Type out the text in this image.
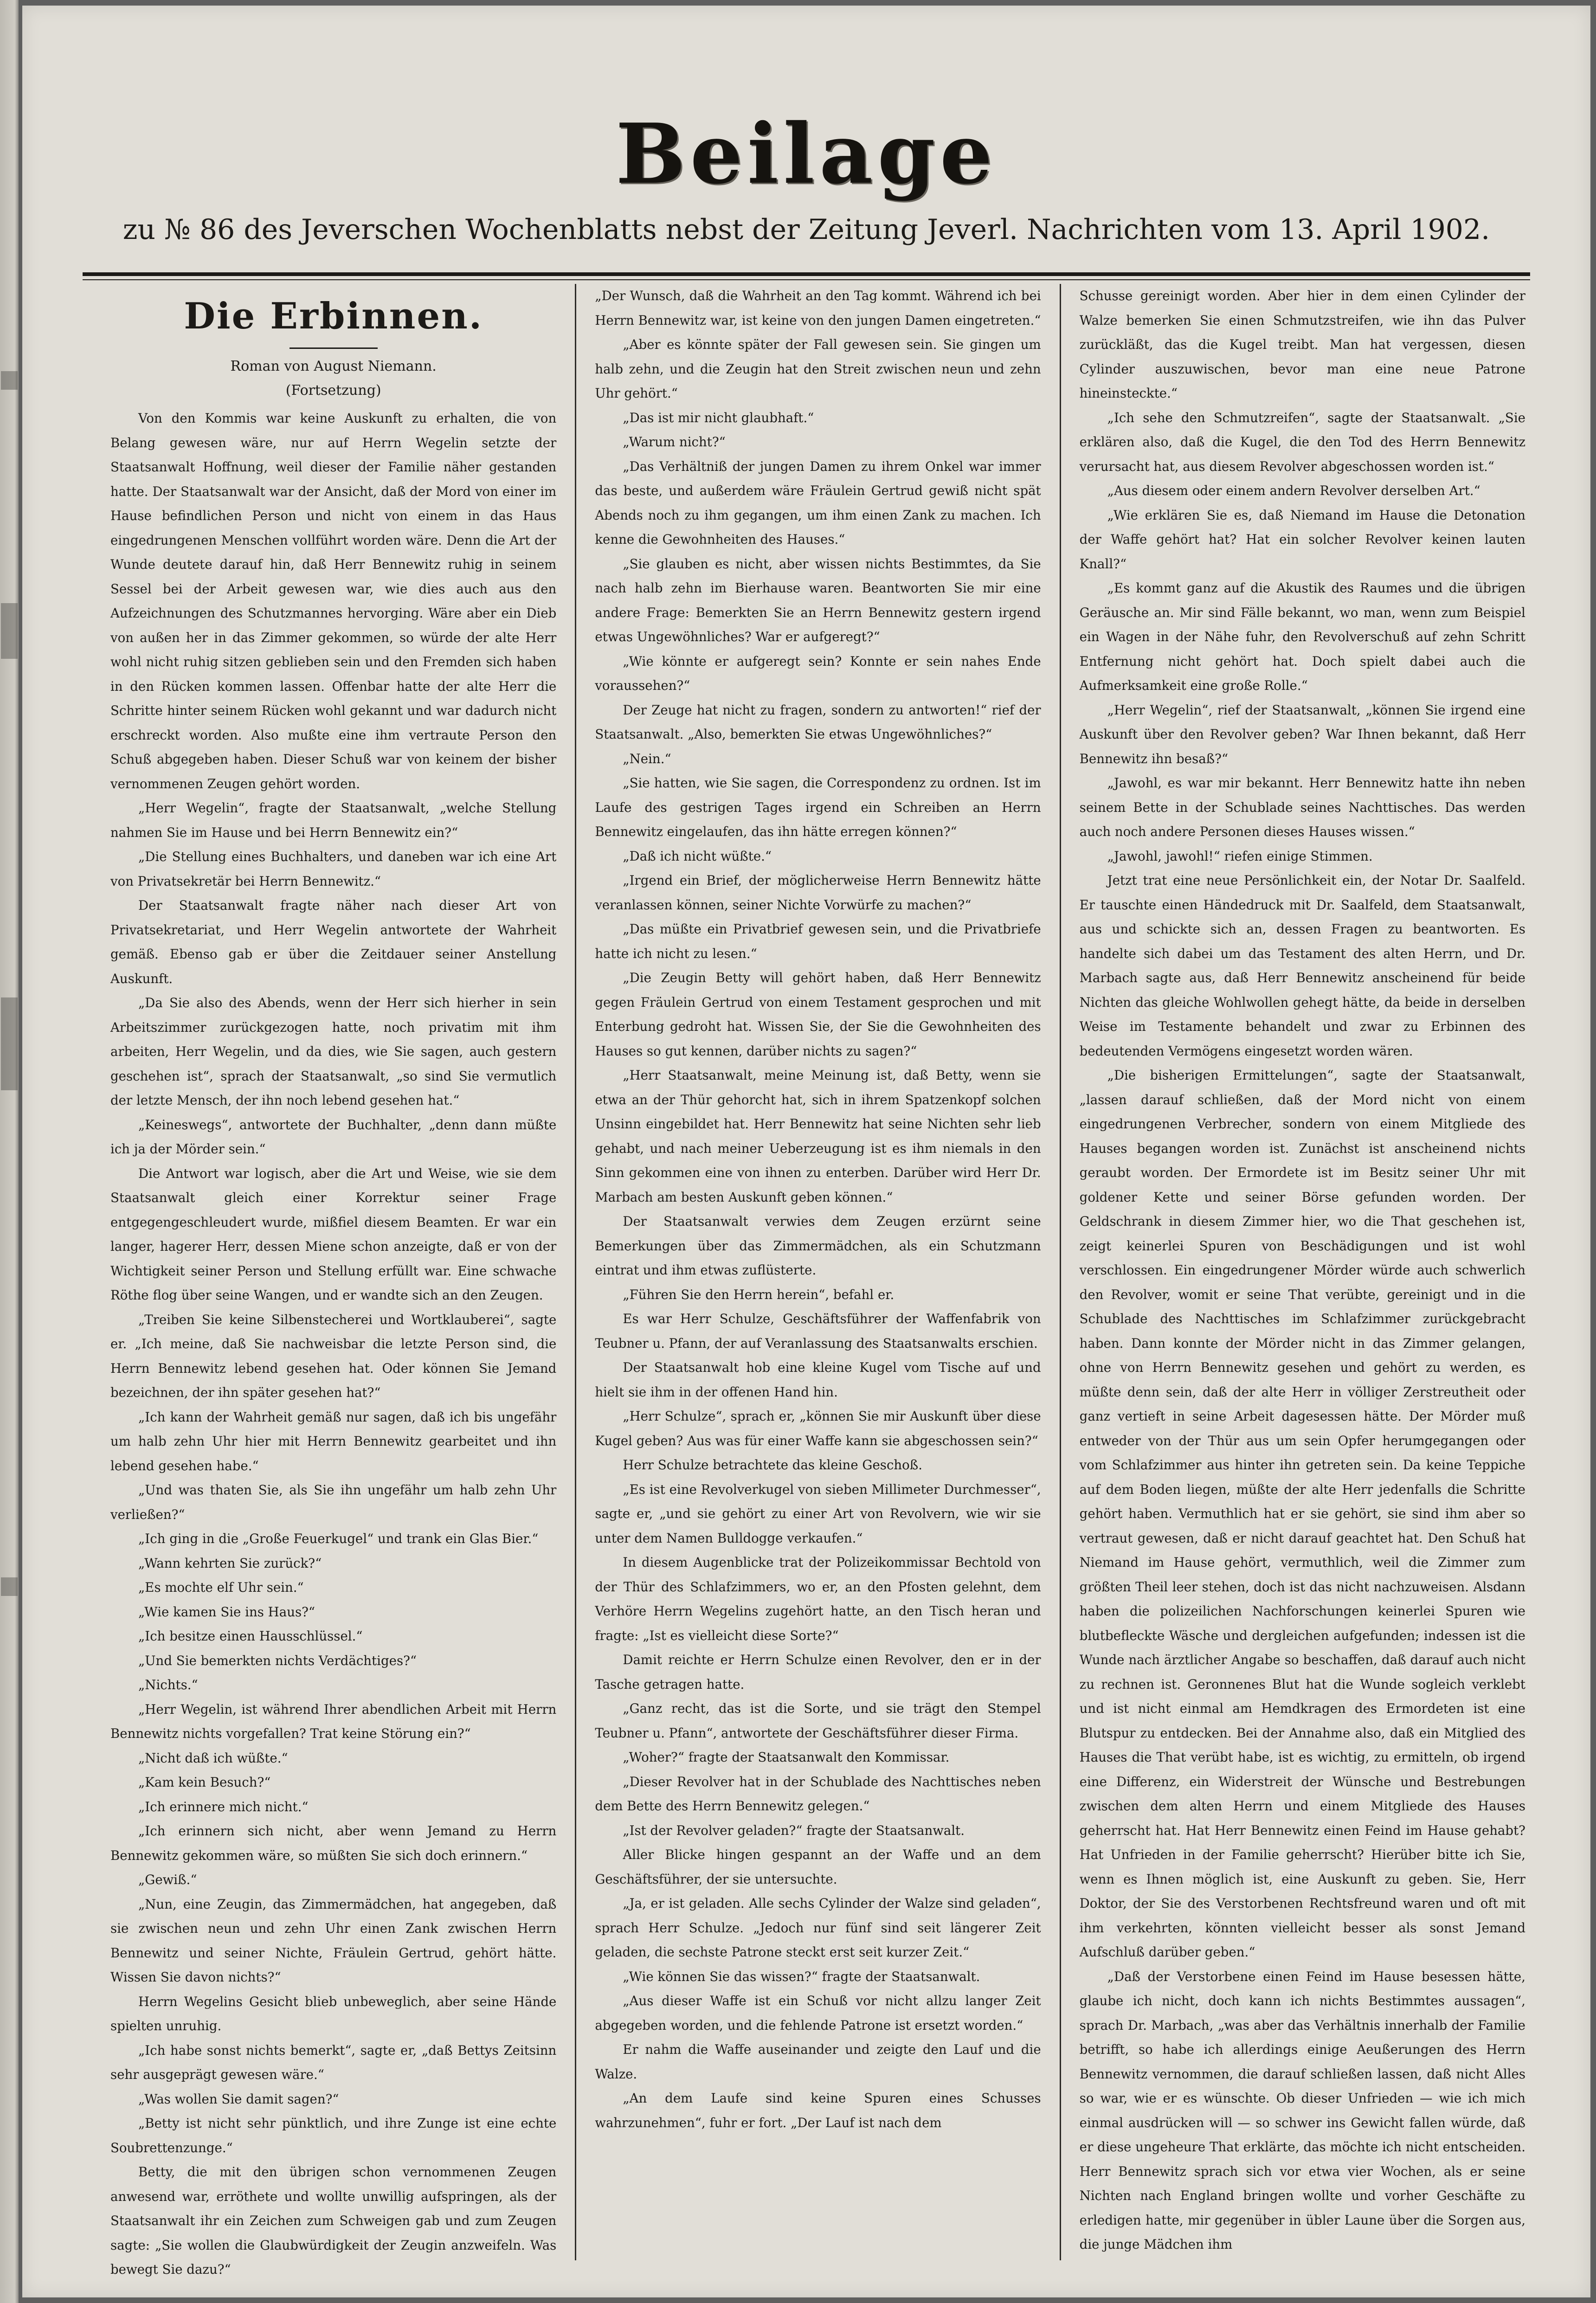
Beilage
zu № 86 des Jeverschen Wochenblatts nebst der Zeitung Jeverl. Nachrichten vom 13. April 1902.
Die Erbinnen.
Roman von August Niemann.
(Fortsetzung)

Von den Kommis war keine Auskunft zu erhalten, die von Belang gewesen wäre, nur auf Herrn Wegelin setzte der Staatsanwalt Hoffnung, weil dieser der Familie näher gestanden hatte. Der Staatsanwalt war der Ansicht, daß der Mord von einer im Hause befindlichen Person und nicht von einem in das Haus eingedrungenen Menschen vollführt worden wäre. Denn die Art der Wunde deutete darauf hin, daß Herr Bennewitz ruhig in seinem Sessel bei der Arbeit gewesen war, wie dies auch aus den Aufzeichnungen des Schutzmannes hervorging. Wäre aber ein Dieb von außen her in das Zimmer gekommen, so würde der alte Herr wohl nicht ruhig sitzen geblieben sein und den Fremden sich haben in den Rücken kommen lassen. Offenbar hatte der alte Herr die Schritte hinter seinem Rücken wohl gekannt und war dadurch nicht erschreckt worden. Also mußte eine ihm vertraute Person den Schuß abgegeben haben. Dieser Schuß war von keinem der bisher vernommenen Zeugen gehört worden.

„Herr Wegelin“, fragte der Staatsanwalt, „welche Stellung nahmen Sie im Hause und bei Herrn Bennewitz ein?“

„Die Stellung eines Buchhalters, und daneben war ich eine Art von Privatsekretär bei Herrn Bennewitz.“

Der Staatsanwalt fragte näher nach dieser Art von Privatsekretariat, und Herr Wegelin antwortete der Wahrheit gemäß. Ebenso gab er über die Zeitdauer seiner Anstellung Auskunft.

„Da Sie also des Abends, wenn der Herr sich hierher in sein Arbeitszimmer zurückgezogen hatte, noch privatim mit ihm arbeiten, Herr Wegelin, und da dies, wie Sie sagen, auch gestern geschehen ist“, sprach der Staatsanwalt, „so sind Sie vermutlich der letzte Mensch, der ihn noch lebend gesehen hat.“

„Keineswegs“, antwortete der Buchhalter, „denn dann müßte ich ja der Mörder sein.“

Die Antwort war logisch, aber die Art und Weise, wie sie dem Staatsanwalt gleich einer Korrektur seiner Frage entgegengeschleudert wurde, mißfiel diesem Beamten. Er war ein langer, hagerer Herr, dessen Miene schon anzeigte, daß er von der Wichtigkeit seiner Person und Stellung erfüllt war. Eine schwache Röthe flog über seine Wangen, und er wandte sich an den Zeugen.

„Treiben Sie keine Silbenstecherei und Wortklauberei“, sagte er. „Ich meine, daß Sie nachweisbar die letzte Person sind, die Herrn Bennewitz lebend gesehen hat. Oder können Sie Jemand bezeichnen, der ihn später gesehen hat?“

„Ich kann der Wahrheit gemäß nur sagen, daß ich bis ungefähr um halb zehn Uhr hier mit Herrn Bennewitz gearbeitet und ihn lebend gesehen habe.“

„Und was thaten Sie, als Sie ihn ungefähr um halb zehn Uhr verließen?“

„Ich ging in die „Große Feuerkugel“ und trank ein Glas Bier.“

„Wann kehrten Sie zurück?“

„Es mochte elf Uhr sein.“

„Wie kamen Sie ins Haus?“

„Ich besitze einen Hausschlüssel.“

„Und Sie bemerkten nichts Verdächtiges?“

„Nichts.“

„Herr Wegelin, ist während Ihrer abendlichen Arbeit mit Herrn Bennewitz nichts vorgefallen? Trat keine Störung ein?“

„Nicht daß ich wüßte.“

„Kam kein Besuch?“

„Ich erinnere mich nicht.“

„Ich erinnern sich nicht, aber wenn Jemand zu Herrn Bennewitz gekommen wäre, so müßten Sie sich doch erinnern.“

„Gewiß.“

„Nun, eine Zeugin, das Zimmermädchen, hat angegeben, daß sie zwischen neun und zehn Uhr einen Zank zwischen Herrn Bennewitz und seiner Nichte, Fräulein Gertrud, gehört hätte. Wissen Sie davon nichts?“

Herrn Wegelins Gesicht blieb unbeweglich, aber seine Hände spielten unruhig.

„Ich habe sonst nichts bemerkt“, sagte er, „daß Bettys Zeitsinn sehr ausgeprägt gewesen wäre.“

„Was wollen Sie damit sagen?“

„Betty ist nicht sehr pünktlich, und ihre Zunge ist eine echte Soubrettenzunge.“

Betty, die mit den übrigen schon vernommenen Zeugen anwesend war, erröthete und wollte unwillig aufspringen, als der Staatsanwalt ihr ein Zeichen zum Schweigen gab und zum Zeugen sagte: „Sie wollen die Glaubwürdigkeit der Zeugin anzweifeln. Was bewegt Sie dazu?“

„Der Wunsch, daß die Wahrheit an den Tag kommt. Während ich bei Herrn Bennewitz war, ist keine von den jungen Damen eingetreten.“

„Aber es könnte später der Fall gewesen sein. Sie gingen um halb zehn, und die Zeugin hat den Streit zwischen neun und zehn Uhr gehört.“

„Das ist mir nicht glaubhaft.“

„Warum nicht?“

„Das Verhältniß der jungen Damen zu ihrem Onkel war immer das beste, und außerdem wäre Fräulein Gertrud gewiß nicht spät Abends noch zu ihm gegangen, um ihm einen Zank zu machen. Ich kenne die Gewohnheiten des Hauses.“

„Sie glauben es nicht, aber wissen nichts Bestimmtes, da Sie nach halb zehn im Bierhause waren. Beantworten Sie mir eine andere Frage: Bemerkten Sie an Herrn Bennewitz gestern irgend etwas Ungewöhnliches? War er aufgeregt?“

„Wie könnte er aufgeregt sein? Konnte er sein nahes Ende voraussehen?“

Der Zeuge hat nicht zu fragen, sondern zu antworten!“ rief der Staatsanwalt. „Also, bemerkten Sie etwas Ungewöhnliches?“

„Nein.“

„Sie hatten, wie Sie sagen, die Correspondenz zu ordnen. Ist im Laufe des gestrigen Tages irgend ein Schreiben an Herrn Bennewitz eingelaufen, das ihn hätte erregen können?“

„Daß ich nicht wüßte.“

„Irgend ein Brief, der möglicherweise Herrn Bennewitz hätte veranlassen können, seiner Nichte Vorwürfe zu machen?“

„Das müßte ein Privatbrief gewesen sein, und die Privatbriefe hatte ich nicht zu lesen.“

„Die Zeugin Betty will gehört haben, daß Herr Bennewitz gegen Fräulein Gertrud von einem Testament gesprochen und mit Enterbung gedroht hat. Wissen Sie, der Sie die Gewohnheiten des Hauses so gut kennen, darüber nichts zu sagen?“

„Herr Staatsanwalt, meine Meinung ist, daß Betty, wenn sie etwa an der Thür gehorcht hat, sich in ihrem Spatzenkopf solchen Unsinn eingebildet hat. Herr Bennewitz hat seine Nichten sehr lieb gehabt, und nach meiner Ueberzeugung ist es ihm niemals in den Sinn gekommen eine von ihnen zu enterben. Darüber wird Herr Dr. Marbach am besten Auskunft geben können.“

Der Staatsanwalt verwies dem Zeugen erzürnt seine Bemerkungen über das Zimmermädchen, als ein Schutzmann eintrat und ihm etwas zuflüsterte.

„Führen Sie den Herrn herein“, befahl er.

Es war Herr Schulze, Geschäftsführer der Waffenfabrik von Teubner u. Pfann, der auf Veranlassung des Staatsanwalts erschien.

Der Staatsanwalt hob eine kleine Kugel vom Tische auf und hielt sie ihm in der offenen Hand hin.

„Herr Schulze“, sprach er, „können Sie mir Auskunft über diese Kugel geben? Aus was für einer Waffe kann sie abgeschossen sein?“

Herr Schulze betrachtete das kleine Geschoß.

„Es ist eine Revolverkugel von sieben Millimeter Durchmesser“, sagte er, „und sie gehört zu einer Art von Revolvern, wie wir sie unter dem Namen Bulldogge verkaufen.“

In diesem Augenblicke trat der Polizeikommissar Bechtold von der Thür des Schlafzimmers, wo er, an den Pfosten gelehnt, dem Verhöre Herrn Wegelins zugehört hatte, an den Tisch heran und fragte: „Ist es vielleicht diese Sorte?“

Damit reichte er Herrn Schulze einen Revolver, den er in der Tasche getragen hatte.

„Ganz recht, das ist die Sorte, und sie trägt den Stempel Teubner u. Pfann“, antwortete der Geschäftsführer dieser Firma.

„Woher?“ fragte der Staatsanwalt den Kommissar.

„Dieser Revolver hat in der Schublade des Nachttisches neben dem Bette des Herrn Bennewitz gelegen.“

„Ist der Revolver geladen?“ fragte der Staatsanwalt.

Aller Blicke hingen gespannt an der Waffe und an dem Geschäftsführer, der sie untersuchte.

„Ja, er ist geladen. Alle sechs Cylinder der Walze sind geladen“, sprach Herr Schulze. „Jedoch nur fünf sind seit längerer Zeit geladen, die sechste Patrone steckt erst seit kurzer Zeit.“

„Wie können Sie das wissen?“ fragte der Staatsanwalt.

„Aus dieser Waffe ist ein Schuß vor nicht allzu langer Zeit abgegeben worden, und die fehlende Patrone ist ersetzt worden.“

Er nahm die Waffe auseinander und zeigte den Lauf und die Walze.

„An dem Laufe sind keine Spuren eines Schusses wahrzunehmen“, fuhr er fort. „Der Lauf ist nach dem

Schusse gereinigt worden. Aber hier in dem einen Cylinder der Walze bemerken Sie einen Schmutzstreifen, wie ihn das Pulver zurückläßt, das die Kugel treibt. Man hat vergessen, diesen Cylinder auszuwischen, bevor man eine neue Patrone hineinsteckte.“

„Ich sehe den Schmutzreifen“, sagte der Staatsanwalt. „Sie erklären also, daß die Kugel, die den Tod des Herrn Bennewitz verursacht hat, aus diesem Revolver abgeschossen worden ist.“

„Aus diesem oder einem andern Revolver derselben Art.“

„Wie erklären Sie es, daß Niemand im Hause die Detonation der Waffe gehört hat? Hat ein solcher Revolver keinen lauten Knall?“

„Es kommt ganz auf die Akustik des Raumes und die übrigen Geräusche an. Mir sind Fälle bekannt, wo man, wenn zum Beispiel ein Wagen in der Nähe fuhr, den Revolverschuß auf zehn Schritt Entfernung nicht gehört hat. Doch spielt dabei auch die Aufmerksamkeit eine große Rolle.“

„Herr Wegelin“, rief der Staatsanwalt, „können Sie irgend eine Auskunft über den Revolver geben? War Ihnen bekannt, daß Herr Bennewitz ihn besaß?“

„Jawohl, es war mir bekannt. Herr Bennewitz hatte ihn neben seinem Bette in der Schublade seines Nachttisches. Das werden auch noch andere Personen dieses Hauses wissen.“

„Jawohl, jawohl!“ riefen einige Stimmen.

Jetzt trat eine neue Persönlichkeit ein, der Notar Dr. Saalfeld. Er tauschte einen Händedruck mit Dr. Saalfeld, dem Staatsanwalt, aus und schickte sich an, dessen Fragen zu beantworten. Es handelte sich dabei um das Testament des alten Herrn, und Dr. Marbach sagte aus, daß Herr Bennewitz anscheinend für beide Nichten das gleiche Wohlwollen gehegt hätte, da beide in derselben Weise im Testamente behandelt und zwar zu Erbinnen des bedeutenden Vermögens eingesetzt worden wären.

„Die bisherigen Ermittelungen“, sagte der Staatsanwalt, „lassen darauf schließen, daß der Mord nicht von einem eingedrungenen Verbrecher, sondern von einem Mitgliede des Hauses begangen worden ist. Zunächst ist anscheinend nichts geraubt worden. Der Ermordete ist im Besitz seiner Uhr mit goldener Kette und seiner Börse gefunden worden. Der Geldschrank in diesem Zimmer hier, wo die That geschehen ist, zeigt keinerlei Spuren von Beschädigungen und ist wohl verschlossen. Ein eingedrungener Mörder würde auch schwerlich den Revolver, womit er seine That verübte, gereinigt und in die Schublade des Nachttisches im Schlafzimmer zurückgebracht haben. Dann konnte der Mörder nicht in das Zimmer gelangen, ohne von Herrn Bennewitz gesehen und gehört zu werden, es müßte denn sein, daß der alte Herr in völliger Zerstreutheit oder ganz vertieft in seine Arbeit dagesessen hätte. Der Mörder muß entweder von der Thür aus um sein Opfer herumgegangen oder vom Schlafzimmer aus hinter ihn getreten sein. Da keine Teppiche auf dem Boden liegen, müßte der alte Herr jedenfalls die Schritte gehört haben. Vermuthlich hat er sie gehört, sie sind ihm aber so vertraut gewesen, daß er nicht darauf geachtet hat. Den Schuß hat Niemand im Hause gehört, vermuthlich, weil die Zimmer zum größten Theil leer stehen, doch ist das nicht nachzuweisen. Alsdann haben die polizeilichen Nachforschungen keinerlei Spuren wie blutbefleckte Wäsche und dergleichen aufgefunden; indessen ist die Wunde nach ärztlicher Angabe so beschaffen, daß darauf auch nicht zu rechnen ist. Geronnenes Blut hat die Wunde sogleich verklebt und ist nicht einmal am Hemdkragen des Ermordeten ist eine Blutspur zu entdecken. Bei der Annahme also, daß ein Mitglied des Hauses die That verübt habe, ist es wichtig, zu ermitteln, ob irgend eine Differenz, ein Widerstreit der Wünsche und Bestrebungen zwischen dem alten Herrn und einem Mitgliede des Hauses geherrscht hat. Hat Herr Bennewitz einen Feind im Hause gehabt? Hat Unfrieden in der Familie geherrscht? Hierüber bitte ich Sie, wenn es Ihnen möglich ist, eine Auskunft zu geben. Sie, Herr Doktor, der Sie des Verstorbenen Rechtsfreund waren und oft mit ihm verkehrten, könnten vielleicht besser als sonst Jemand Aufschluß darüber geben.“

„Daß der Verstorbene einen Feind im Hause besessen hätte, glaube ich nicht, doch kann ich nichts Bestimmtes aussagen“, sprach Dr. Marbach, „was aber das Verhältnis innerhalb der Familie betrifft, so habe ich allerdings einige Aeußerungen des Herrn Bennewitz vernommen, die darauf schließen lassen, daß nicht Alles so war, wie er es wünschte. Ob dieser Unfrieden — wie ich mich einmal ausdrücken will — so schwer ins Gewicht fallen würde, daß er diese ungeheure That erklärte, das möchte ich nicht entscheiden. Herr Bennewitz sprach sich vor etwa vier Wochen, als er seine Nichten nach England bringen wollte und vorher Geschäfte zu erledigen hatte, mir gegenüber in übler Laune über die Sorgen aus, die junge Mädchen ihm
